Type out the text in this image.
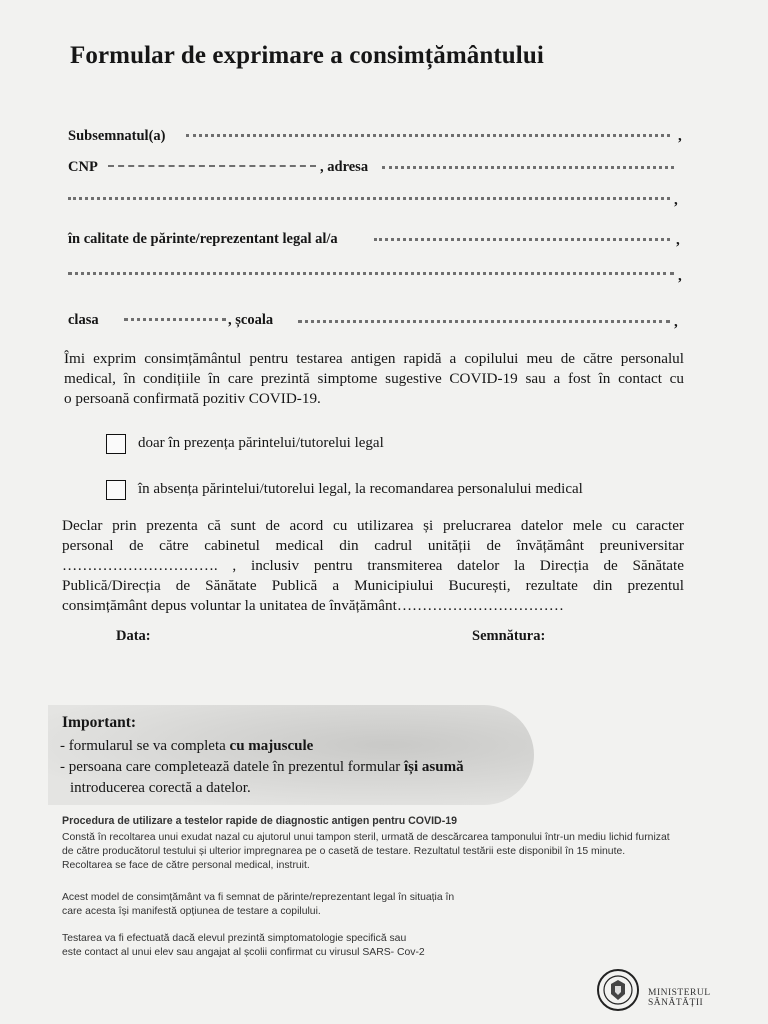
Formular de exprimare a consimțământului
Subsemnatul(a)	,
CNP	, adresa
,
în calitate de părinte/reprezentant legal al/a	,
,
clasa	, școala	,
Îmi exprim consimțământul pentru testarea antigen rapidă a copilului meu de către personalul
medical, în condițiile în care prezintă simptome sugestive COVID-19 sau a fost în contact cu
o persoană confirmată pozitiv COVID-19.
doar în prezența părintelui/tutorelui legal
în absența părintelui/tutorelui legal, la recomandarea personalului medical
Declar prin prezenta că sunt de acord cu utilizarea și prelucrarea datelor mele cu caracter
personal de către cabinetul medical din cadrul unității de învățământ preuniversitar
…………………………. , inclusiv pentru transmiterea datelor la Direcția de Sănătate
Publică/Direcția de Sănătate Publică a Municipiului București, rezultate din prezentul
consimțământ depus voluntar la unitatea de învățământ……………………………
Data:	Semnătura:
Important:
- formularul se va completa cu majuscule
- persoana care completează datele în prezentul formular își asumă
introducerea corectă a datelor.
Procedura de utilizare a testelor rapide de diagnostic antigen pentru COVID-19
Constă în recoltarea unui exudat nazal cu ajutorul unui tampon steril, urmată de descărcarea tamponului într-un mediu lichid furnizat
de către producătorul testului și ulterior impregnarea pe o casetă de testare. Rezultatul testării este disponibil în 15 minute.
Recoltarea se face de către personal medical, instruit.
Acest model de consimțământ va fi semnat de părinte/reprezentant legal în situația în
care acesta își manifestă opțiunea de testare a copilului.
Testarea va fi efectuată dacă elevul prezintă simptomatologie specifică sau
este contact al unui elev sau angajat al școlii confirmat cu virusul SARS- Cov-2
MINISTERUL
SĂNĂTĂȚII
